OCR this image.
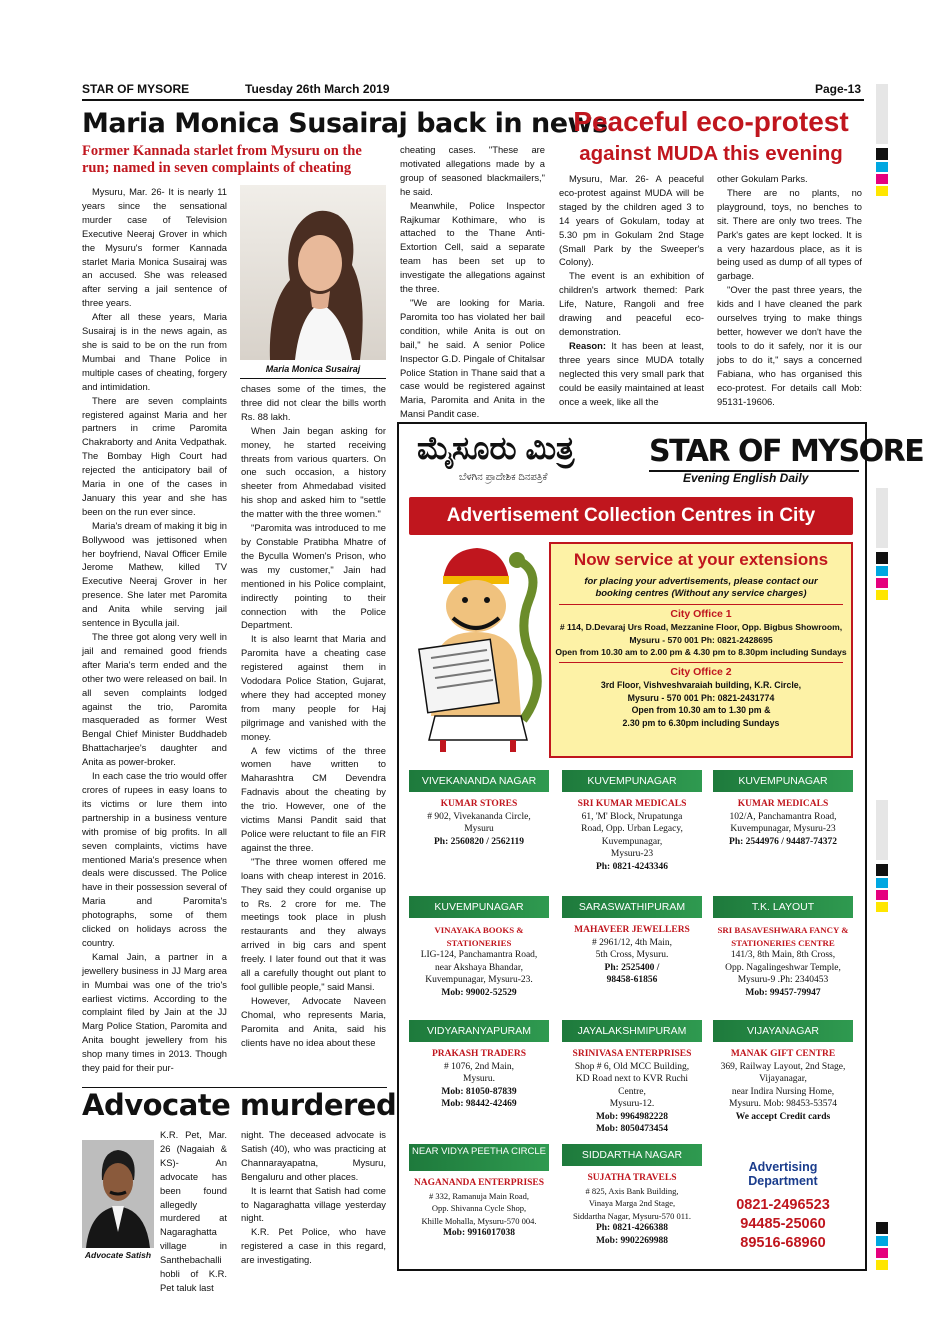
STAR OF MYSORE	Tuesday 26th March 2019	Page-13
Maria Monica Susairaj back in news
Former Kannada starlet from Mysuru on the run; named in seven complaints of cheating

Mysuru, Mar. 26- It is nearly 11 years since the sensational murder case of Television Executive Neeraj Grover in which the Mysuru's former Kannada starlet Maria Monica Susairaj was an accused. She was released after serving a jail sentence of three years.

After all these years, Maria Susairaj is in the news again, as she is said to be on the run from Mumbai and Thane Police in multiple cases of cheating, forgery and intimidation.

There are seven complaints registered against Maria and her partners in crime Paromita Chakraborty and Anita Vedpathak. The Bombay High Court had rejected the anticipatory bail of Maria in one of the cases in January this year and she has been on the run ever since.

Maria's dream of making it big in Bollywood was jettisoned when her boyfriend, Naval Officer Emile Jerome Mathew, killed TV Executive Neeraj Grover in her presence. She later met Paromita and Anita while serving jail sentence in Byculla jail.

The three got along very well in jail and remained good friends after Maria's term ended and the other two were released on bail. In all seven complaints lodged against the trio, Paromita masqueraded as former West Bengal Chief Minister Buddhadeb Bhattacharjee's daughter and Anita as power-broker.

In each case the trio would offer crores of rupees in easy loans to its victims or lure them into partnership in a business venture with promise of big profits. In all seven complaints, victims have mentioned Maria's presence when deals were discussed. The Police have in their possession several of Maria and Paromita's photographs, some of them clicked on holidays across the country.

Kamal Jain, a partner in a jewellery business in JJ Marg area in Mumbai was one of the trio's earliest victims. According to the complaint filed by Jain at the JJ Marg Police Station, Paromita and Anita bought jewellery from his shop many times in 2013. Though they paid for their pur-

Maria Monica Susairaj

chases some of the times, the three did not clear the bills worth Rs. 88 lakh.

When Jain began asking for money, he started receiving threats from various quarters. On one such occasion, a history sheeter from Ahmedabad visited his shop and asked him to "settle the matter with the three women."

"Paromita was introduced to me by Constable Pratibha Mhatre of the Byculla Women's Prison, who was my customer," Jain had mentioned in his Police complaint, indirectly pointing to their connection with the Police Department.

It is also learnt that Maria and Paromita have a cheating case registered against them in Vododara Police Station, Gujarat, where they had accepted money from many people for Haj pilgrimage and vanished with the money.

A few victims of the three women have written to Maharashtra CM Devendra Fadnavis about the cheating by the trio. However, one of the victims Mansi Pandit said that Police were reluctant to file an FIR against the three.

"The three women offered me loans with cheap interest in 2016. They said they could organise up to Rs. 2 crore for me. The meetings took place in plush restaurants and they always arrived in big cars and spent freely. I later found out that it was all a carefully thought out plant to fool gullible people," said Mansi.

However, Advocate Naveen Chomal, who represents Maria, Paromita and Anita, said his clients have no idea about these

cheating cases. "These are motivated allegations made by a group of seasoned blackmailers," he said.

Meanwhile, Police Inspector Rajkumar Kothimare, who is attached to the Thane Anti-Extortion Cell, said a separate team has been set up to investigate the allegations against the three.

"We are looking for Maria. Paromita too has violated her bail condition, while Anita is out on bail," he said. A senior Police Inspector G.D. Pingale of Chitalsar Police Station in Thane said that a case would be registered against Maria, Paromita and Anita in the Mansi Pandit case.

Peaceful eco-protest
against MUDA this evening

Mysuru, Mar. 26- A peaceful eco-protest against MUDA will be staged by the children aged 3 to 14 years of Gokulam, today at 5.30 pm in Gokulam 2nd Stage (Small Park by the Sweeper's Colony).

The event is an exhibition of children's artwork themed: Park Life, Nature, Rangoli and free drawing and peaceful eco-demonstration.

Reason: It has been at least, three years since MUDA totally neglected this very small park that could be easily maintained at least once a week, like all the

other Gokulam Parks.

There are no plants, no playground, toys, no benches to sit. There are only two trees. The Park's gates are kept locked. It is a very hazardous place, as it is being used as dump of all types of garbage.

"Over the past three years, the kids and I have cleaned the park ourselves trying to make things better, however we don't have the tools to do it safely, nor it is our jobs to do it," says a concerned Fabiana, who has organised this eco-protest. For details call Mob: 95131-19606.

Advocate murdered
Advocate Satish

K.R. Pet, Mar. 26 (Nagaiah & KS)- An advocate has been found allegedly murdered at Nagaraghatta village in Santhebachalli hobli of K.R. Pet taluk last

night. The deceased advocate is Satish (40), who was practicing at Channarayapatna, Mysuru, Bengaluru and other places.

It is learnt that Satish had come to Nagaraghatta village yesterday night.

K.R. Pet Police, who have registered a case in this regard, are investigating.

ಮೈಸೂರು ಮಿತ್ರ
ಬೆಳಗಿನ ಪ್ರಾದೇಶಿಕ ದಿನಪತ್ರಿಕೆ
STAR OF MYSORE
Evening English Daily
Advertisement Collection Centres in City
Now service at your extensions
for placing your advertisements, please contact our
booking centres (Without any service charges)
City Office 1
# 114, D.Devaraj Urs Road, Mezzanine Floor, Opp. Bigbus Showroom,
Mysuru - 570 001 Ph: 0821-2428695
Open from 10.30 am to 2.00 pm & 4.30 pm to 8.30pm including Sundays
City Office 2
3rd Floor, Vishveshvaraiah building, K.R. Circle,
Mysuru - 570 001 Ph: 0821-2431774
Open from 10.30 am to 1.30 pm &
2.30 pm to 6.30pm including Sundays
VIVEKANANDA NAGAR
KUMAR STORES
# 902, Vivekananda Circle,
Mysuru
Ph: 2560820 / 2562119
KUVEMPUNAGAR
SRI KUMAR MEDICALS
61, 'M' Block, Nrupatunga
Road, Opp. Urban Legacy,
Kuvempunagar,
Mysuru-23
Ph: 0821-4243346
KUVEMPUNAGAR
KUMAR MEDICALS
102/A, Panchamantra Road,
Kuvempunagar, Mysuru-23
Ph: 2544976 / 94487-74372
KUVEMPUNAGAR
VINAYAKA BOOKS & STATIONERIES
LIG-124, Panchamantra Road,
near Akshaya Bhandar,
Kuvempunagar, Mysuru-23.
Mob: 99002-52529
SARASWATHIPURAM
MAHAVEER JEWELLERS
# 2961/12, 4th Main,
5th Cross, Mysuru.
Ph: 2525400 /
98458-61856
T.K. LAYOUT
SRI BASAVESHWARA FANCY & STATIONERIES CENTRE
141/3, 8th Main, 8th Cross,
Opp. Nagalingeshwar Temple,
Mysuru-9 .Ph: 2340453
Mob: 99457-79947
VIDYARANYAPURAM
PRAKASH TRADERS
# 1076, 2nd Main,
Mysuru.
Mob: 81050-87839
Mob: 98442-42469
JAYALAKSHMIPURAM
SRINIVASA ENTERPRISES
Shop # 6, Old MCC Building,
KD Road next to KVR Ruchi Centre,
Mysuru-12.
Mob: 9964982228
Mob: 8050473454
VIJAYANAGAR
MANAK GIFT CENTRE
369, Railway Layout, 2nd Stage,
Vijayanagar,
near Indira Nursing Home,
Mysuru. Mob: 98453-53574
We accept Credit cards
NEAR VIDYA PEETHA CIRCLE
NAGANANDA ENTERPRISES
# 332, Ramanuja Main Road,
Opp. Shivanna Cycle Shop,
Khille Mohalla, Mysuru-570 004.
Mob: 9916017038
SIDDARTHA NAGAR
SUJATHA TRAVELS
# 825, Axis Bank Building,
Vinaya Marga 2nd Stage,
Siddartha Nagar, Mysuru-570 011.
Ph: 0821-4266388
Mob: 9902269988
Advertising Department
0821-2496523
94485-25060
89516-68960
